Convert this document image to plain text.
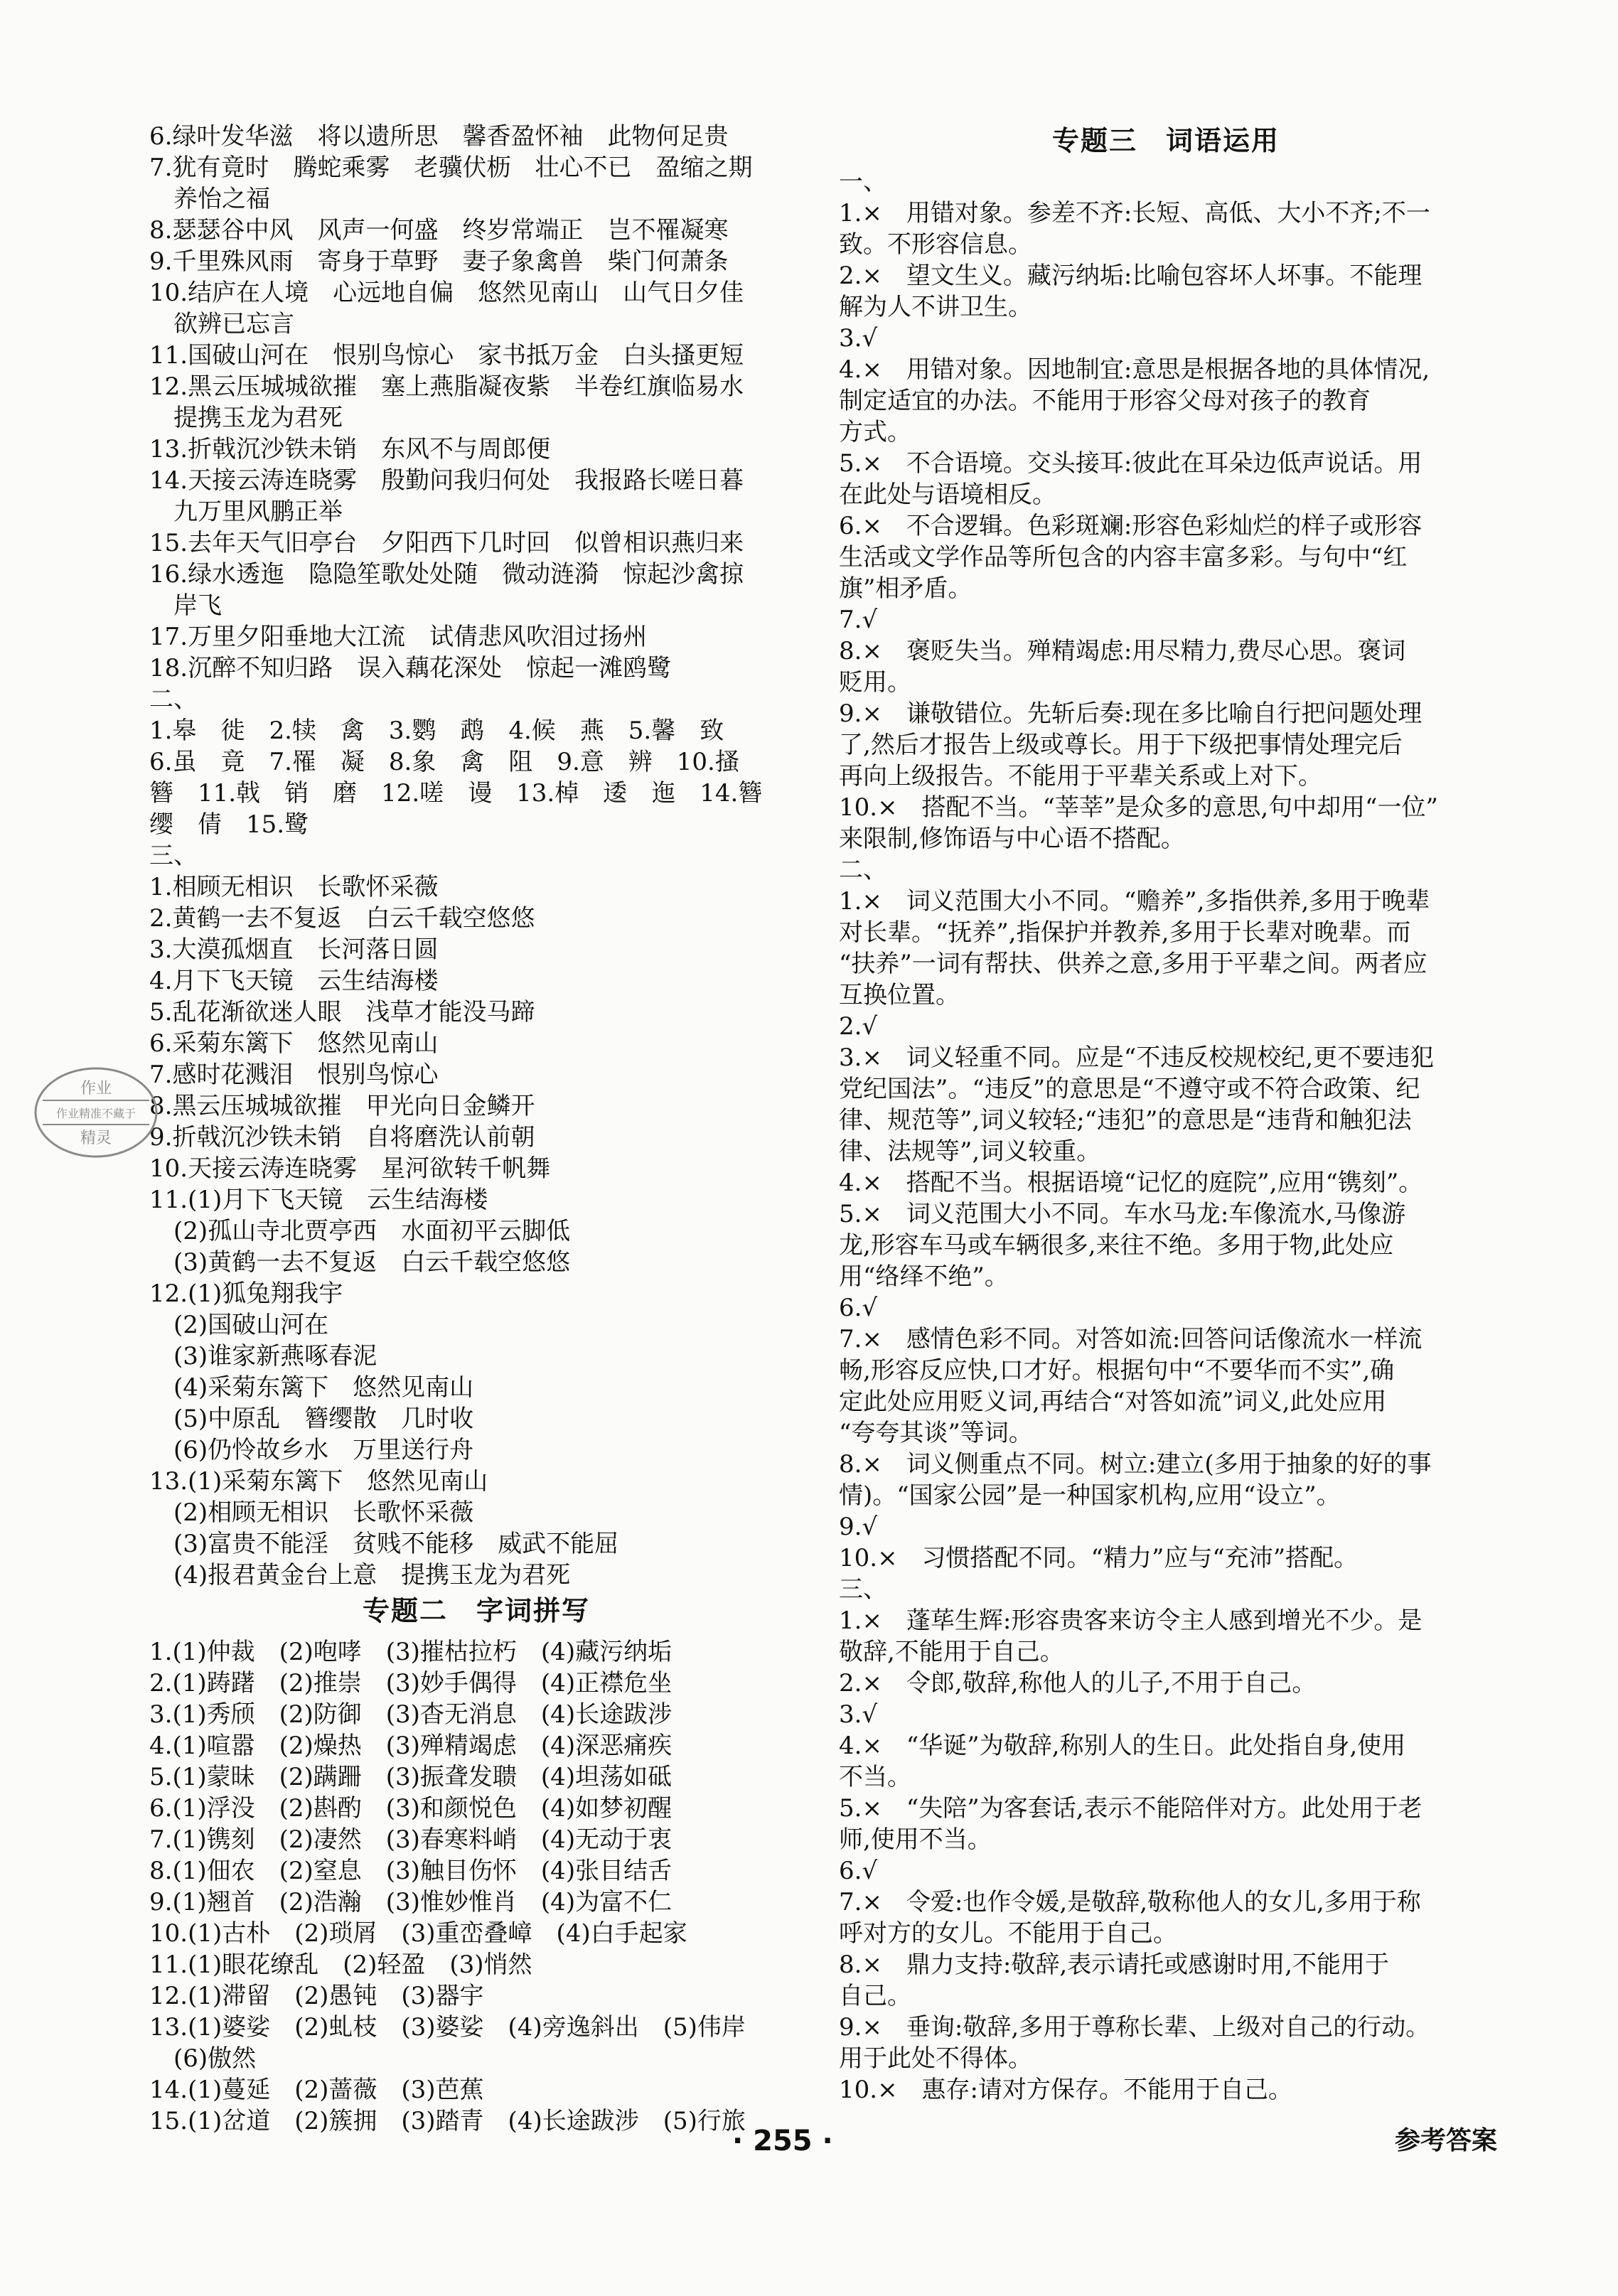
6.绿叶发华滋　将以遗所思　馨香盈怀袖　此物何足贵
7.犹有竟时　腾蛇乘雾　老骥伏枥　壮心不已　盈缩之期
　养怡之福
8.瑟瑟谷中风　风声一何盛　终岁常端正　岂不罹凝寒
9.千里殊风雨　寄身于草野　妻子象禽兽　柴门何萧条
10.结庐在人境　心远地自偏　悠然见南山　山气日夕佳
　欲辨已忘言
11.国破山河在　恨别鸟惊心　家书抵万金　白头搔更短
12.黑云压城城欲摧　塞上燕脂凝夜紫　半卷红旗临易水
　提携玉龙为君死
13.折戟沉沙铁未销　东风不与周郎便
14.天接云涛连晓雾　殷勤问我归何处　我报路长嗟日暮
　九万里风鹏正举
15.去年天气旧亭台　夕阳西下几时回　似曾相识燕归来
16.绿水透迤　隐隐笙歌处处随　微动涟漪　惊起沙禽掠
　岸飞
17.万里夕阳垂地大江流　试倩悲风吹泪过扬州
18.沉醉不知归路　误入藕花深处　惊起一滩鸥鹭
二、
1.皋　徙　2.犊　禽　3.鹦　鹉　4.候　燕　5.馨　致
6.虽　竟　7.罹　凝　8.象　禽　阻　9.意　辨　10.搔
簪　11.戟　销　磨　12.嗟　谩　13.棹　逶　迤　14.簪
缨　倩　15.鹭
三、
1.相顾无相识　长歌怀采薇
2.黄鹤一去不复返　白云千载空悠悠
3.大漠孤烟直　长河落日圆
4.月下飞天镜　云生结海楼
5.乱花渐欲迷人眼　浅草才能没马蹄
6.采菊东篱下　悠然见南山
7.感时花溅泪　恨别鸟惊心
8.黑云压城城欲摧　甲光向日金鳞开
9.折戟沉沙铁未销　自将磨洗认前朝
10.天接云涛连晓雾　星河欲转千帆舞
11.(1)月下飞天镜　云生结海楼
　(2)孤山寺北贾亭西　水面初平云脚低
　(3)黄鹤一去不复返　白云千载空悠悠
12.(1)狐兔翔我宇
　(2)国破山河在
　(3)谁家新燕啄春泥
　(4)采菊东篱下　悠然见南山
　(5)中原乱　簪缨散　几时收
　(6)仍怜故乡水　万里送行舟
13.(1)采菊东篱下　悠然见南山
　(2)相顾无相识　长歌怀采薇
　(3)富贵不能淫　贫贱不能移　威武不能屈
　(4)报君黄金台上意　提携玉龙为君死
专题二　字词拼写
1.(1)仲裁　(2)咆哮　(3)摧枯拉朽　(4)藏污纳垢
2.(1)踌躇　(2)推崇　(3)妙手偶得　(4)正襟危坐
3.(1)秀颀　(2)防御　(3)杳无消息　(4)长途跋涉
4.(1)喧嚣　(2)燥热　(3)殚精竭虑　(4)深恶痛疾
5.(1)蒙昧　(2)蹒跚　(3)振聋发聩　(4)坦荡如砥
6.(1)浮没　(2)斟酌　(3)和颜悦色　(4)如梦初醒
7.(1)镌刻　(2)凄然　(3)春寒料峭　(4)无动于衷
8.(1)佃农　(2)窒息　(3)触目伤怀　(4)张目结舌
9.(1)翘首　(2)浩瀚　(3)惟妙惟肖　(4)为富不仁
10.(1)古朴　(2)琐屑　(3)重峦叠嶂　(4)白手起家
11.(1)眼花缭乱　(2)轻盈　(3)悄然
12.(1)滞留　(2)愚钝　(3)器宇
13.(1)婆娑　(2)虬枝　(3)婆娑　(4)旁逸斜出　(5)伟岸
　(6)傲然
14.(1)蔓延　(2)蔷薇　(3)芭蕉
15.(1)岔道　(2)簇拥　(3)踏青　(4)长途跋涉　(5)行旅
专题三　词语运用
一、
1.×　用错对象。参差不齐:长短、高低、大小不齐;不一
致。不形容信息。
2.×　望文生义。藏污纳垢:比喻包容坏人坏事。不能理
解为人不讲卫生。
3.√
4.×　用错对象。因地制宜:意思是根据各地的具体情况,
制定适宜的办法。不能用于形容父母对孩子的教育
方式。
5.×　不合语境。交头接耳:彼此在耳朵边低声说话。用
在此处与语境相反。
6.×　不合逻辑。色彩斑斓:形容色彩灿烂的样子或形容
生活或文学作品等所包含的内容丰富多彩。与句中“红
旗”相矛盾。
7.√
8.×　褒贬失当。殚精竭虑:用尽精力,费尽心思。褒词
贬用。
9.×　谦敬错位。先斩后奏:现在多比喻自行把问题处理
了,然后才报告上级或尊长。用于下级把事情处理完后
再向上级报告。不能用于平辈关系或上对下。
10.×　搭配不当。“莘莘”是众多的意思,句中却用“一位”
来限制,修饰语与中心语不搭配。
二、
1.×　词义范围大小不同。“赡养”,多指供养,多用于晚辈
对长辈。“抚养”,指保护并教养,多用于长辈对晚辈。而
“扶养”一词有帮扶、供养之意,多用于平辈之间。两者应
互换位置。
2.√
3.×　词义轻重不同。应是“不违反校规校纪,更不要违犯
党纪国法”。“违反”的意思是“不遵守或不符合政策、纪
律、规范等”,词义较轻;“违犯”的意思是“违背和触犯法
律、法规等”,词义较重。
4.×　搭配不当。根据语境“记忆的庭院”,应用“镌刻”。
5.×　词义范围大小不同。车水马龙:车像流水,马像游
龙,形容车马或车辆很多,来往不绝。多用于物,此处应
用“络绎不绝”。
6.√
7.×　感情色彩不同。对答如流:回答问话像流水一样流
畅,形容反应快,口才好。根据句中“不要华而不实”,确
定此处应用贬义词,再结合“对答如流”词义,此处应用
“夸夸其谈”等词。
8.×　词义侧重点不同。树立:建立(多用于抽象的好的事
情)。“国家公园”是一种国家机构,应用“设立”。
9.√
10.×　习惯搭配不同。“精力”应与“充沛”搭配。
三、
1.×　蓬荜生辉:形容贵客来访令主人感到增光不少。是
敬辞,不能用于自己。
2.×　令郎,敬辞,称他人的儿子,不用于自己。
3.√
4.×　“华诞”为敬辞,称别人的生日。此处指自身,使用
不当。
5.×　“失陪”为客套话,表示不能陪伴对方。此处用于老
师,使用不当。
6.√
7.×　令爱:也作令媛,是敬辞,敬称他人的女儿,多用于称
呼对方的女儿。不能用于自己。
8.×　鼎力支持:敬辞,表示请托或感谢时用,不能用于
自己。
9.×　垂询:敬辞,多用于尊称长辈、上级对自己的行动。
用于此处不得体。
10.×　惠存:请对方保存。不能用于自己。
作业
作业精准不藏于
精灵
· 255 ·	参考答案
